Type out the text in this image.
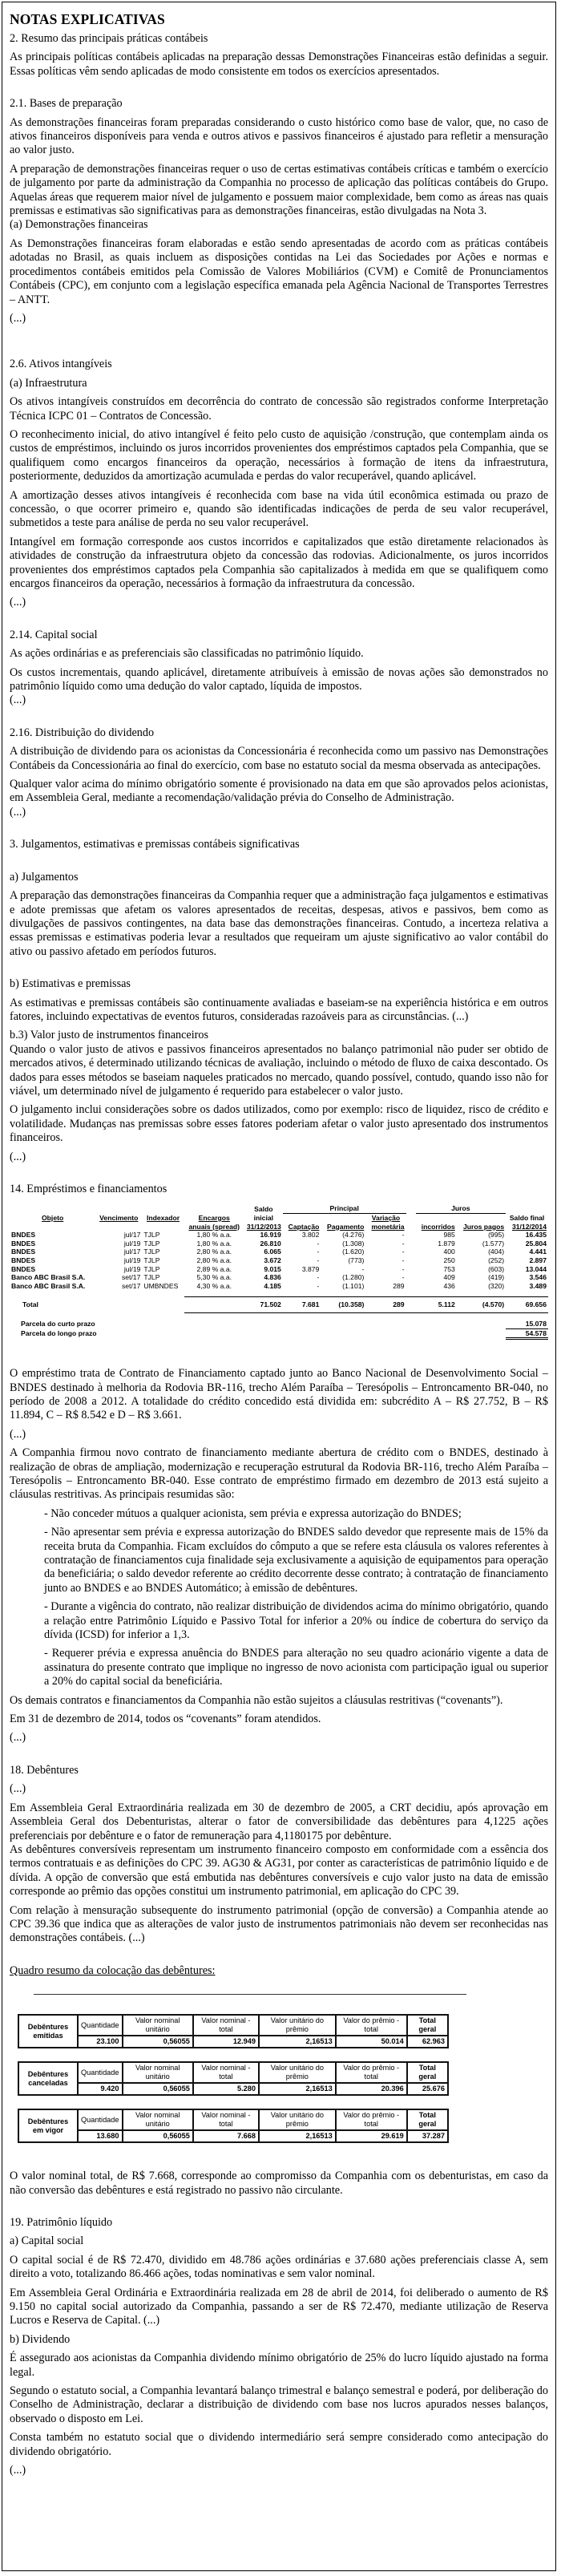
NOTAS EXPLICATIVAS
2. Resumo das principais práticas contábeis

As principais políticas contábeis aplicadas na preparação dessas Demonstrações Financeiras estão definidas a seguir. Essas políticas vêm sendo aplicadas de modo consistente em todos os exercícios apresentados.

2.1. Bases de preparação

As demonstrações financeiras foram preparadas considerando o custo histórico como base de valor, que, no caso de ativos financeiros disponíveis para venda e outros ativos e passivos financeiros é ajustado para refletir a mensuração ao valor justo.

A preparação de demonstrações financeiras requer o uso de certas estimativas contábeis críticas e também o exercício de julgamento por parte da administração da Companhia no processo de aplicação das políticas contábeis do Grupo. Aquelas áreas que requerem maior nível de julgamento e possuem maior complexidade, bem como as áreas nas quais premissas e estimativas são significativas para as demonstrações financeiras, estão divulgadas na Nota 3.

(a) Demonstrações financeiras

As Demonstrações financeiras foram elaboradas e estão sendo apresentadas de acordo com as práticas contábeis adotadas no Brasil, as quais incluem as disposições contidas na Lei das Sociedades por Ações e normas e procedimentos contábeis emitidos pela Comissão de Valores Mobiliários (CVM) e Comitê de Pronunciamentos Contábeis (CPC), em conjunto com a legislação específica emanada pela Agência Nacional de Transportes Terrestres – ANTT.

(...)
2.6. Ativos intangíveis
(a) Infraestrutura

Os ativos intangíveis construídos em decorrência do contrato de concessão são registrados conforme Interpretação Técnica ICPC 01 – Contratos de Concessão.

O reconhecimento inicial, do ativo intangível é feito pelo custo de aquisição /construção, que contemplam ainda os custos de empréstimos, incluindo os juros incorridos provenientes dos empréstimos captados pela Companhia, que se qualifiquem como encargos financeiros da operação, necessários à formação de itens da infraestrutura, posteriormente, deduzidos da amortização acumulada e perdas do valor recuperável, quando aplicável.

A amortização desses ativos intangíveis é reconhecida com base na vida útil econômica estimada ou prazo de concessão, o que ocorrer primeiro e, quando são identificadas indicações de perda de seu valor recuperável, submetidos a teste para análise de perda no seu valor recuperável.

Intangível em formação corresponde aos custos incorridos e capitalizados que estão diretamente relacionados às atividades de construção da infraestrutura objeto da concessão das rodovias. Adicionalmente, os juros incorridos provenientes dos empréstimos captados pela Companhia são capitalizados à medida em que se qualifiquem como encargos financeiros da operação, necessários à formação da infraestrutura da concessão.

(...)
2.14. Capital social

As ações ordinárias e as preferenciais são classificadas no patrimônio líquido.

Os custos incrementais, quando aplicável, diretamente atribuíveis à emissão de novas ações são demonstrados no patrimônio líquido como uma dedução do valor captado, líquida de impostos.

(...)
2.16. Distribuição do dividendo

A distribuição de dividendo para os acionistas da Concessionária é reconhecida como um passivo nas Demonstrações Contábeis da Concessionária ao final do exercício, com base no estatuto social da mesma observada as antecipações.

Qualquer valor acima do mínimo obrigatório somente é provisionado na data em que são aprovados pelos acionistas, em Assembleia Geral, mediante a recomendação/validação prévia do Conselho de Administração.

(...)
3. Julgamentos, estimativas e premissas contábeis significativas
a) Julgamentos

A preparação das demonstrações financeiras da Companhia requer que a administração faça julgamentos e estimativas e adote premissas que afetam os valores apresentados de receitas, despesas, ativos e passivos, bem como as divulgações de passivos contingentes, na data base das demonstrações financeiras. Contudo, a incerteza relativa a essas premissas e estimativas poderia levar a resultados que requeiram um ajuste significativo ao valor contábil do ativo ou passivo afetado em períodos futuros.

b) Estimativas e premissas

As estimativas e premissas contábeis são continuamente avaliadas e baseiam-se na experiência histórica e em outros fatores, incluindo expectativas de eventos futuros, consideradas razoáveis para as circunstâncias. (...)

b.3) Valor justo de instrumentos financeiros

Quando o valor justo de ativos e passivos financeiros apresentados no balanço patrimonial não puder ser obtido de mercados ativos, é determinado utilizando técnicas de avaliação, incluindo o método de fluxo de caixa descontado. Os dados para esses métodos se baseiam naqueles praticados no mercado, quando possível, contudo, quando isso não for viável, um determinado nível de julgamento é requerido para estabelecer o valor justo.

O julgamento inclui considerações sobre os dados utilizados, como por exemplo: risco de liquidez, risco de crédito e volatilidade. Mudanças nas premissas sobre esses fatores poderiam afetar o valor justo apresentado dos instrumentos financeiros.

(...)
14. Empréstimos e financiamentos
Objeto	Vencimento	Indexador	Encargos	Saldo inicial	Principal				Juros		Saldo final
							Variação				
			anuais (spread)	31/12/2013	Captação	Pagamento	monetária		incorridos	Juros pagos	31/12/2014
BNDES	jul/17	TJLP	1,80 % a.a.	16.919	3.802	(4.276)	-		985	(995)	16.435
BNDES	jul/19	TJLP	1,80 % a.a.	26.810	-	(1.308)	-		1.879	(1.577)	25.804
BNDES	jul/17	TJLP	2,80 % a.a.	6.065	-	(1.620)	-		400	(404)	4.441
BNDES	jul/19	TJLP	2,80 % a.a.	3.672	-	(773)	-		250	(252)	2.897
BNDES	jul/19	TJLP	2,89 % a.a.	9.015	3.879	-	-		753	(603)	13.044
Banco ABC Brasil S.A.	set/17	TJLP	5,30 % a.a.	4.836	-	(1.280)	-		409	(419)	3.546
Banco ABC Brasil S.A.	set/17	UMBNDES	4,30 % a.a.	4.185	-	(1.101)	289		436	(320)	3.489

Total				71.502	7.681	(10.358)	289		5.112	(4.570)	69.656

Parcela do curto prazo											15.078
Parcela do longo prazo											54.578

O empréstimo trata de Contrato de Financiamento captado junto ao Banco Nacional de Desenvolvimento Social – BNDES destinado à melhoria da Rodovia BR-116, trecho Além Paraíba – Teresópolis – Entroncamento BR-040, no período de 2008 a 2012. A totalidade do crédito concedido está dividida em: subcrédito A – R$ 27.752, B – R$ 11.894, C – R$ 8.542 e D – R$ 3.661.

(...)

A Companhia firmou novo contrato de financiamento mediante abertura de crédito com o BNDES, destinado à realização de obras de ampliação, modernização e recuperação estrutural da Rodovia BR-116, trecho Além Paraíba – Teresópolis – Entroncamento BR-040. Esse contrato de empréstimo firmado em dezembro de 2013 está sujeito a cláusulas restritivas. As principais resumidas são:

- Não conceder mútuos a qualquer acionista, sem prévia e expressa autorização do BNDES;

- Não apresentar sem prévia e expressa autorização do BNDES saldo devedor que represente mais de 15% da receita bruta da Companhia. Ficam excluídos do cômputo a que se refere esta cláusula os valores referentes à contratação de financiamentos cuja finalidade seja exclusivamente a aquisição de equipamentos para operação da beneficiária; o saldo devedor referente ao crédito decorrente desse contrato; à contratação de financiamento junto ao BNDES e ao BNDES Automático; à emissão de debêntures.

- Durante a vigência do contrato, não realizar distribuição de dividendos acima do mínimo obrigatório, quando a relação entre Patrimônio Líquido e Passivo Total for inferior a 20% ou índice de cobertura do serviço da dívida (ICSD) for inferior a 1,3.

- Requerer prévia e expressa anuência do BNDES para alteração no seu quadro acionário vigente a data de assinatura do presente contrato que implique no ingresso de novo acionista com participação igual ou superior a 20% do capital social da beneficiária.

Os demais contratos e financiamentos da Companhia não estão sujeitos a cláusulas restritivas (“covenants”).

Em 31 de dezembro de 2014, todos os “covenants” foram atendidos.

(...)
18. Debêntures
(...)

Em Assembleia Geral Extraordinária realizada em 30 de dezembro de 2005, a CRT decidiu, após aprovação em Assembleia Geral dos Debenturistas, alterar o fator de conversibilidade das debêntures para 4,1225 ações preferenciais por debênture e o fator de remuneração para 4,1180175 por debênture.

As debêntures conversíveis representam um instrumento financeiro composto em conformidade com a essência dos termos contratuais e as definições do CPC 39. AG30 & AG31, por conter as características de patrimônio líquido e de dívida. A opção de conversão que está embutida nas debêntures conversíveis e cujo valor justo na data de emissão corresponde ao prêmio das opções constitui um instrumento patrimonial, em aplicação do CPC 39.

Com relação à mensuração subsequente do instrumento patrimonial (opção de conversão) a Companhia atende ao CPC 39.36 que indica que as alterações de valor justo de instrumentos patrimoniais não devem ser reconhecidas nas demonstrações contábeis. (...)

Quadro resumo da colocação das debêntures:
Debêntures emitidas	Quantidade	Valor nominal unitário	Valor nominal - total	Valor unitário do prêmio	Valor do prêmio - total	Total geral
	23.100	0,56055	12.949	2,16513	50.014	62.963
Debêntures canceladas	Quantidade	Valor nominal unitário	Valor nominal - total	Valor unitário do prêmio	Valor do prêmio - total	Total geral
	9.420	0,56055	5.280	2,16513	20.396	25.676
Debêntures em vigor	Quantidade	Valor nominal unitário	Valor nominal - total	Valor unitário do prêmio	Valor do prêmio - total	Total geral
	13.680	0,56055	7.668	2,16513	29.619	37.287

O valor nominal total, de R$ 7.668, corresponde ao compromisso da Companhia com os debenturistas, em caso da não conversão das debêntures e está registrado no passivo não circulante.

19. Patrimônio líquido
a) Capital social

O capital social é de R$ 72.470, dividido em 48.786 ações ordinárias e 37.680 ações preferenciais classe A, sem direito a voto, totalizando 86.466 ações, todas nominativas e sem valor nominal.

Em Assembleia Geral Ordinária e Extraordinária realizada em 28 de abril de 2014, foi deliberado o aumento de R$ 9.150 no capital social autorizado da Companhia, passando a ser de R$ 72.470, mediante utilização de Reserva Lucros e Reserva de Capital. (...)

b) Dividendo

É assegurado aos acionistas da Companhia dividendo mínimo obrigatório de 25% do lucro líquido ajustado na forma legal.

Segundo o estatuto social, a Companhia levantará balanço trimestral e balanço semestral e poderá, por deliberação do Conselho de Administração, declarar a distribuição de dividendo com base nos lucros apurados nesses balanços, observado o disposto em Lei.

Consta também no estatuto social que o dividendo intermediário será sempre considerado como antecipação do dividendo obrigatório.

(...)
